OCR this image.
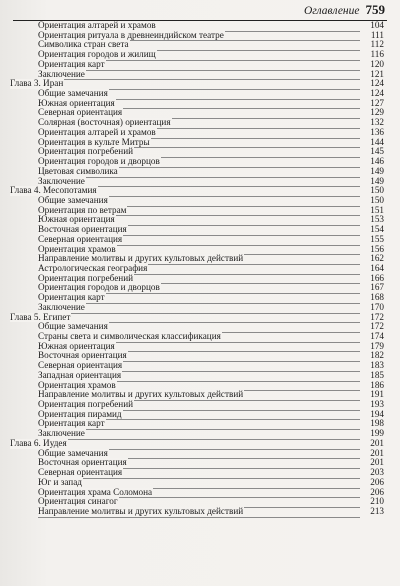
Оглавление 759
Ориентация алтарей и храмов	104
Ориентация ритуала в древнеиндийском театре	111
Символика стран света	112
Ориентация городов и жилищ	116
Ориентация карт	120
Заключение	121
Глава 3. Иран	124
Общие замечания	124
Южная ориентация	127
Северная ориентация	129
Солярная (восточная) ориентация	132
Ориентация алтарей и храмов	136
Ориентация в культе Митры	144
Ориентация погребений	145
Ориентация городов и дворцов	146
Цветовая символика	149
Заключение	149
Глава 4. Месопотамия	150
Общие замечания	150
Ориентация по ветрам	151
Южная ориентация	153
Восточная ориентация	154
Северная ориентация	155
Ориентация храмов	156
Направление молитвы и других культовых действий	162
Астрологическая география	164
Ориентация погребений	166
Ориентация городов и дворцов	167
Ориентация карт	168
Заключение	170
Глава 5. Египет	172
Общие замечания	172
Страны света и символическая классификация	174
Южная ориентация	179
Восточная ориентация	182
Северная ориентация	183
Западная ориентация	185
Ориентация храмов	186
Направление молитвы и других культовых действий	191
Ориентация погребений	193
Ориентация пирамид	194
Ориентация карт	198
Заключение	199
Глава 6. Иудея	201
Общие замечания	201
Восточная ориентация	201
Северная ориентация	203
Юг и запад	206
Ориентация храма Соломона	206
Ориентация синагог	210
Направление молитвы и других культовых действий	213
